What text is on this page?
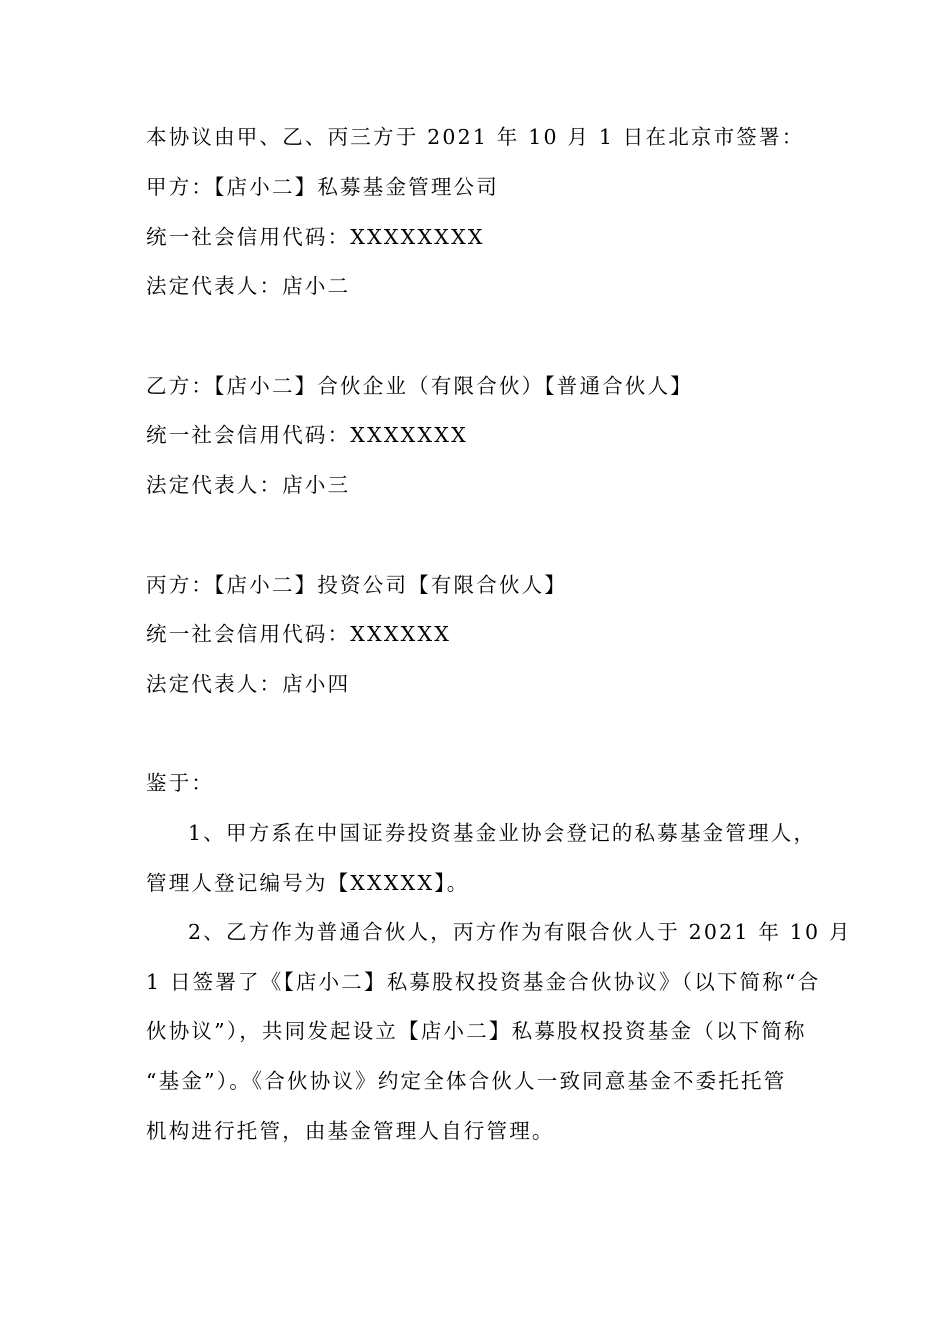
本协议由甲、乙、丙三方于 2021 年 10 月 1 日在北京市签署：
甲方：【店小二】私募基金管理公司
统一社会信用代码：XXXXXXXX
法定代表人：店小二
乙方：【店小二】合伙企业（有限合伙）【普通合伙人】
统一社会信用代码：XXXXXXX
法定代表人：店小三
丙方：【店小二】投资公司【有限合伙人】
统一社会信用代码：XXXXXX
法定代表人：店小四
鉴于：
1、甲方系在中国证券投资基金业协会登记的私募基金管理人，
管理人登记编号为【XXXXX】。
2、乙方作为普通合伙人，丙方作为有限合伙人于 2021 年 10 月
1 日签署了《【店小二】私募股权投资基金合伙协议》（以下简称“合
伙协议”），共同发起设立【店小二】私募股权投资基金（以下简称
“基金”）。《合伙协议》约定全体合伙人一致同意基金不委托托管
机构进行托管，由基金管理人自行管理。
